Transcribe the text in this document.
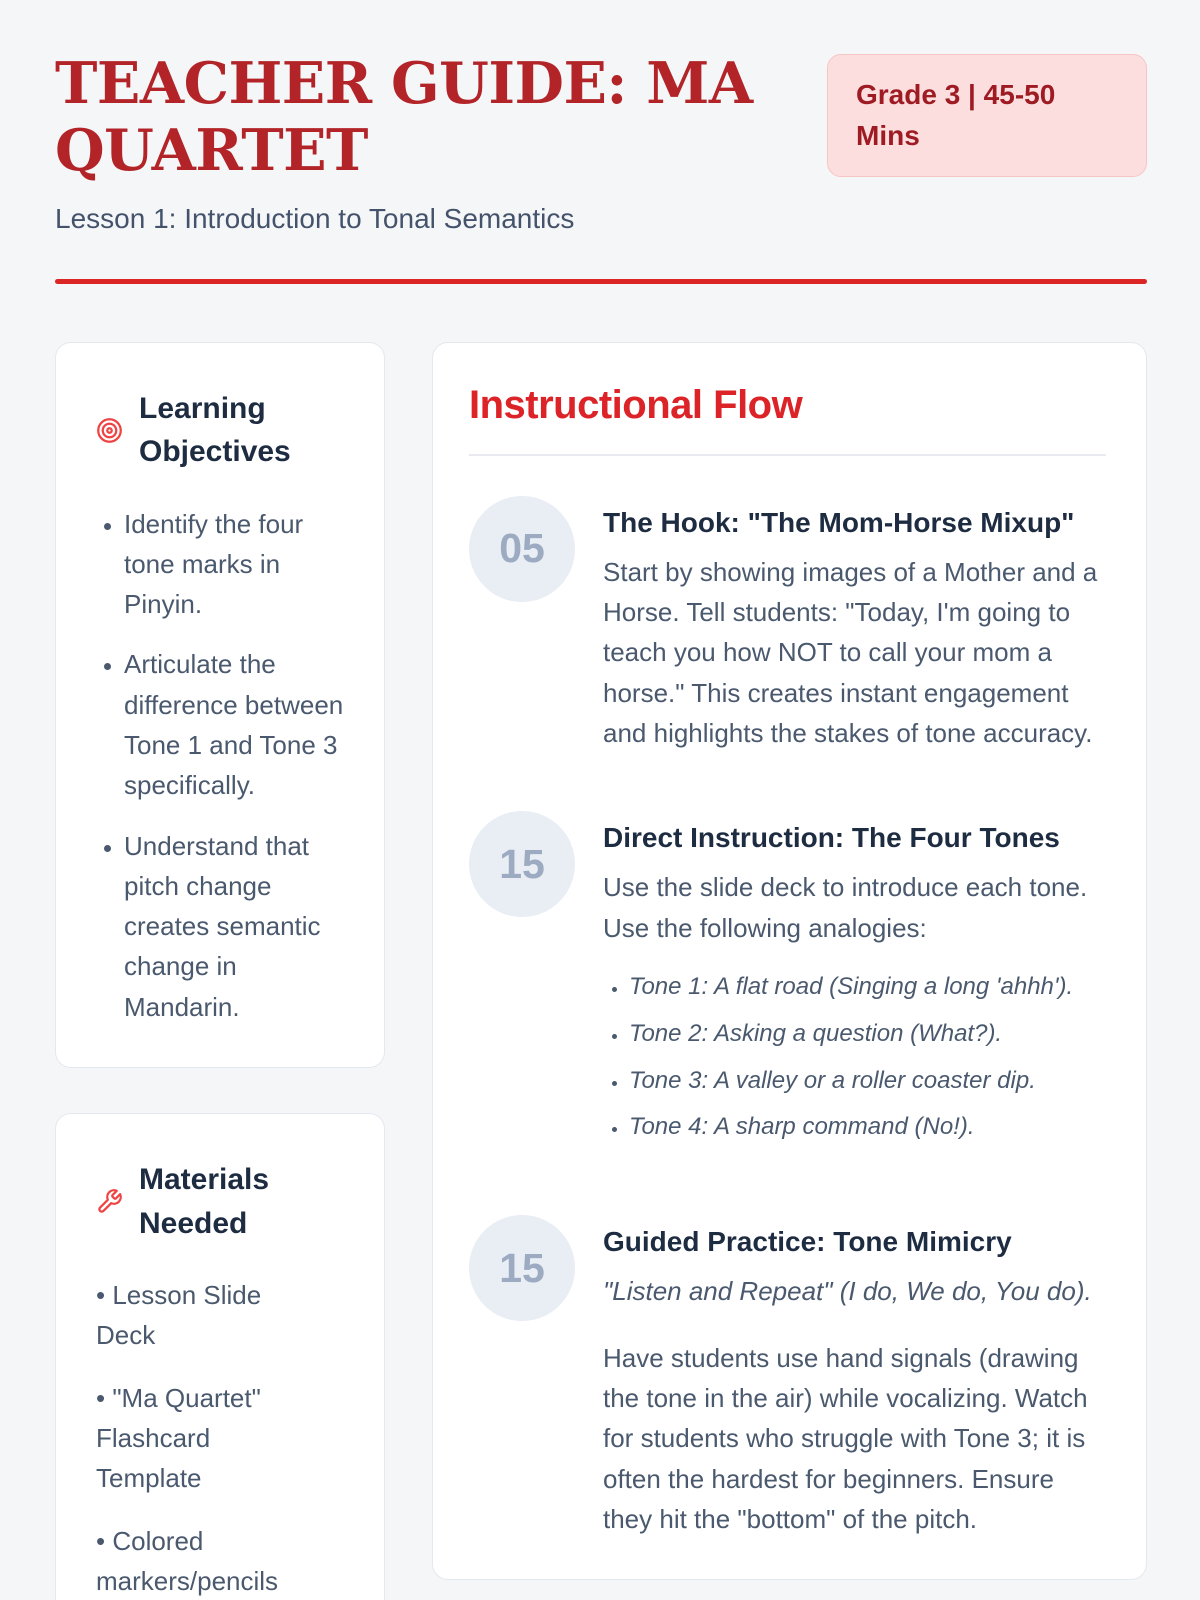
TEACHER GUIDE: MA QUARTET
Grade 3 | 45-50 Mins
Lesson 1: Introduction to Tonal Semantics
Learning Objectives
• Identify the four tone marks in Pinyin.
• Articulate the difference between Tone 1 and Tone 3 specifically.
• Understand that pitch change creates semantic change in Mandarin.
Materials Needed
• Lesson Slide Deck
• "Ma Quartet" Flashcard Template
• Colored markers/pencils
Instructional Flow
05
The Hook: "The Mom-Horse Mixup"
Start by showing images of a Mother and a Horse. Tell students: "Today, I'm going to teach you how NOT to call your mom a horse." This creates instant engagement and highlights the stakes of tone accuracy.
15
Direct Instruction: The Four Tones
Use the slide deck to introduce each tone. Use the following analogies:
• Tone 1: A flat road (Singing a long 'ahhh').
• Tone 2: Asking a question (What?).
• Tone 3: A valley or a roller coaster dip.
• Tone 4: A sharp command (No!).
15
Guided Practice: Tone Mimicry
"Listen and Repeat" (I do, We do, You do).
Have students use hand signals (drawing the tone in the air) while vocalizing. Watch for students who struggle with Tone 3; it is often the hardest for beginners. Ensure they hit the "bottom" of the pitch.
